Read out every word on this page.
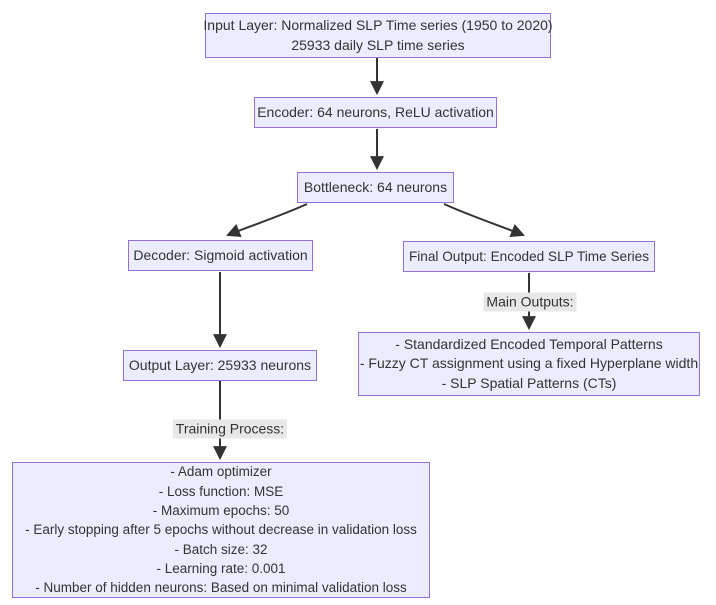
Input Layer: Normalized SLP Time series (1950 to 2020)
25933 daily SLP time series
Encoder: 64 neurons, ReLU activation
Bottleneck: 64 neurons
Decoder: Sigmoid activation	Final Output: Encoded SLP Time Series
Output Layer: 25933 neurons
- Standardized Encoded Temporal Patterns
- Fuzzy CT assignment using a fixed Hyperplane width
- SLP Spatial Patterns (CTs)
- Adam optimizer
- Loss function: MSE
- Maximum epochs: 50
- Early stopping after 5 epochs without decrease in validation loss
- Batch size: 32
- Learning rate: 0.001
- Number of hidden neurons: Based on minimal validation loss
Main Outputs:
Training Process:
